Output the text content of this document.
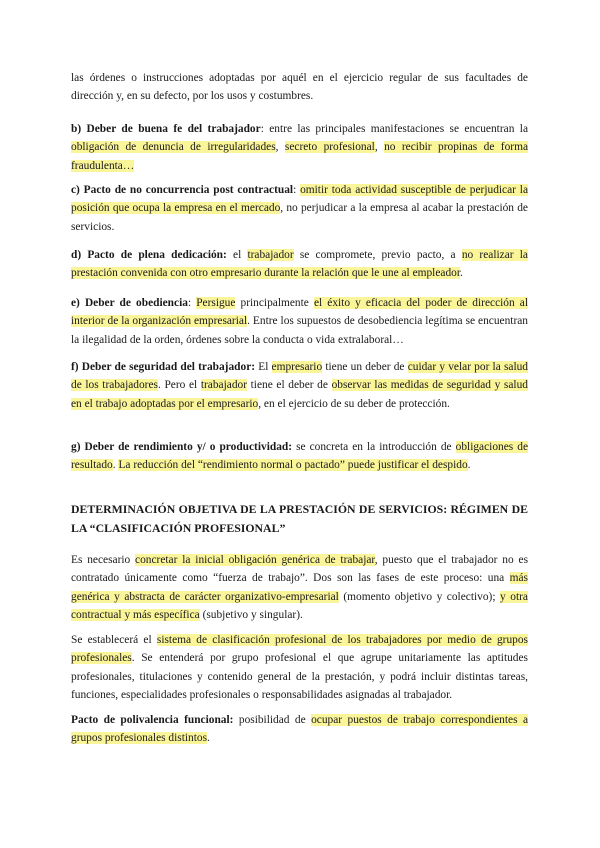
las órdenes o instrucciones adoptadas por aquél en el ejercicio regular de sus facultades de dirección y, en su defecto, por los usos y costumbres.

b) Deber de buena fe del trabajador: entre las principales manifestaciones se encuentran la obligación de denuncia de irregularidades, secreto profesional, no recibir propinas de forma fraudulenta…

c) Pacto de no concurrencia post contractual: omitir toda actividad susceptible de perjudicar la posición que ocupa la empresa en el mercado, no perjudicar a la empresa al acabar la prestación de servicios.

d) Pacto de plena dedicación: el trabajador se compromete, previo pacto, a no realizar la prestación convenida con otro empresario durante la relación que le une al empleador.

e) Deber de obediencia: Persigue principalmente el éxito y eficacia del poder de dirección al interior de la organización empresarial. Entre los supuestos de desobediencia legítima se encuentran la ilegalidad de la orden, órdenes sobre la conducta o vida extralaboral…

f) Deber de seguridad del trabajador: El empresario tiene un deber de cuidar y velar por la salud de los trabajadores. Pero el trabajador tiene el deber de observar las medidas de seguridad y salud en el trabajo adoptadas por el empresario, en el ejercicio de su deber de protección.

g) Deber de rendimiento y/ o productividad: se concreta en la introducción de obligaciones de resultado. La reducción del “rendimiento normal o pactado” puede justificar el despido.

DETERMINACIÓN OBJETIVA DE LA PRESTACIÓN DE SERVICIOS: RÉGIMEN DE LA “CLASIFICACIÓN PROFESIONAL”

Es necesario concretar la inicial obligación genérica de trabajar, puesto que el trabajador no es contratado únicamente como “fuerza de trabajo”. Dos son las fases de este proceso: una más genérica y abstracta de carácter organizativo-empresarial (momento objetivo y colectivo); y otra contractual y más específica (subjetivo y singular).

Se establecerá el sistema de clasificación profesional de los trabajadores por medio de grupos profesionales. Se entenderá por grupo profesional el que agrupe unitariamente las aptitudes profesionales, titulaciones y contenido general de la prestación, y podrá incluir distintas tareas, funciones, especialidades profesionales o responsabilidades asignadas al trabajador.

Pacto de polivalencia funcional: posibilidad de ocupar puestos de trabajo correspondientes a grupos profesionales distintos.
